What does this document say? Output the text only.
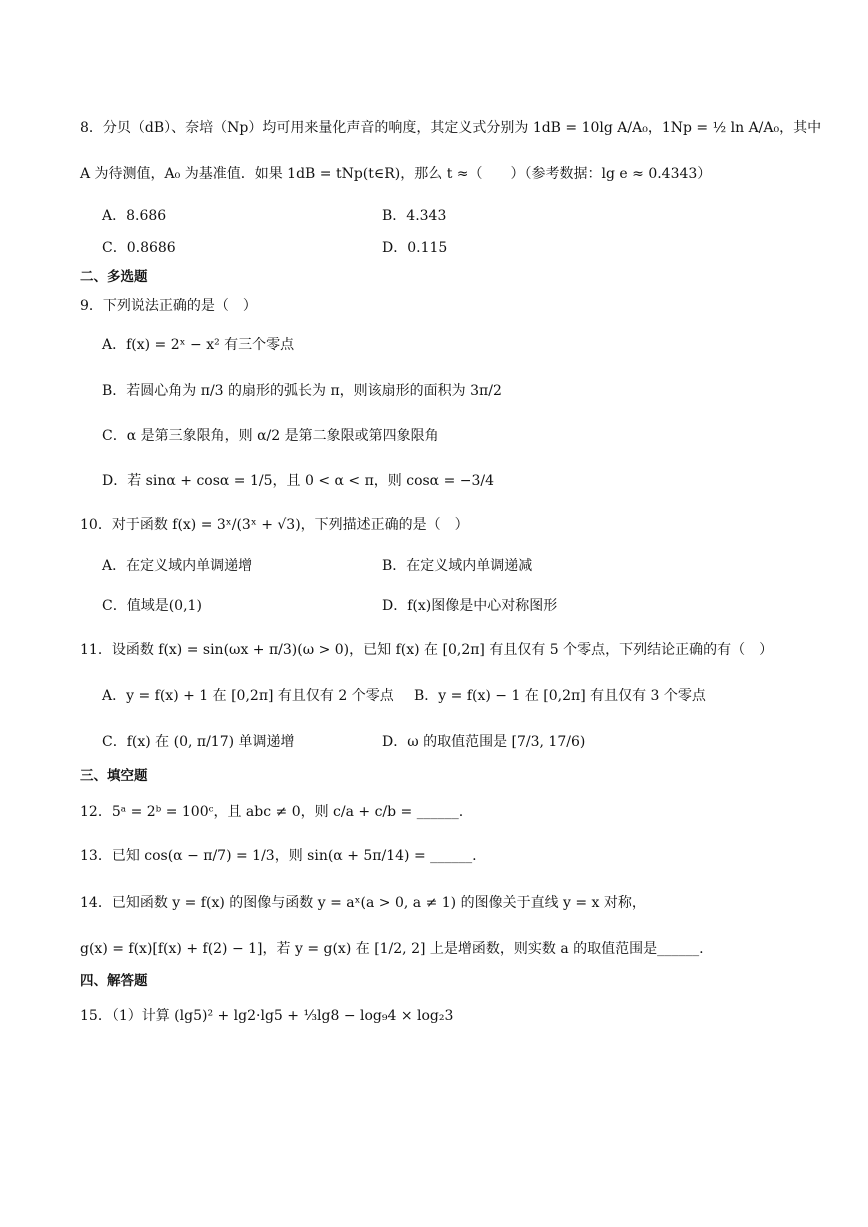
8．分贝（dB）、奈培（Np）均可用来量化声音的响度，其定义式分别为 1dB = 10lg A/A₀，1Np = ½ ln A/A₀，其中
A 为待测值，A₀ 为基准值．如果 1dB = tNp(t∈R)，那么 t ≈（　　）（参考数据：lg e ≈ 0.4343）
A．8.686	B．4.343
C．0.8686	D．0.115
二、多选题
9．下列说法正确的是（　）
A．f(x) = 2ˣ − x² 有三个零点
B．若圆心角为 π/3 的扇形的弧长为 π，则该扇形的面积为 3π/2
C．α 是第三象限角，则 α/2 是第二象限或第四象限角
D．若 sinα + cosα = 1/5，且 0 < α < π，则 cosα = −3/4
10．对于函数 f(x) = 3ˣ/(3ˣ + √3)，下列描述正确的是（　）
A．在定义域内单调递增	B．在定义域内单调递减
C．值域是(0,1)	D．f(x)图像是中心对称图形
11．设函数 f(x) = sin(ωx + π/3)(ω > 0)，已知 f(x) 在 [0,2π] 有且仅有 5 个零点，下列结论正确的有（　）
A．y = f(x) + 1 在 [0,2π] 有且仅有 2 个零点 B．y = f(x) − 1 在 [0,2π] 有且仅有 3 个零点
C．f(x) 在 (0, π/17) 单调递增	D．ω 的取值范围是 [7/3, 17/6)
三、填空题
12．5ᵃ = 2ᵇ = 100ᶜ，且 abc ≠ 0，则 c/a + c/b = ______.
13．已知 cos(α − π/7) = 1/3，则 sin(α + 5π/14) = ______.
14．已知函数 y = f(x) 的图像与函数 y = aˣ(a > 0, a ≠ 1) 的图像关于直线 y = x 对称，
g(x) = f(x)[f(x) + f(2) − 1]，若 y = g(x) 在 [1/2, 2] 上是增函数，则实数 a 的取值范围是______.
四、解答题
15．（1）计算 (lg5)² + lg2·lg5 + ⅓lg8 − log₉4 × log₂3
